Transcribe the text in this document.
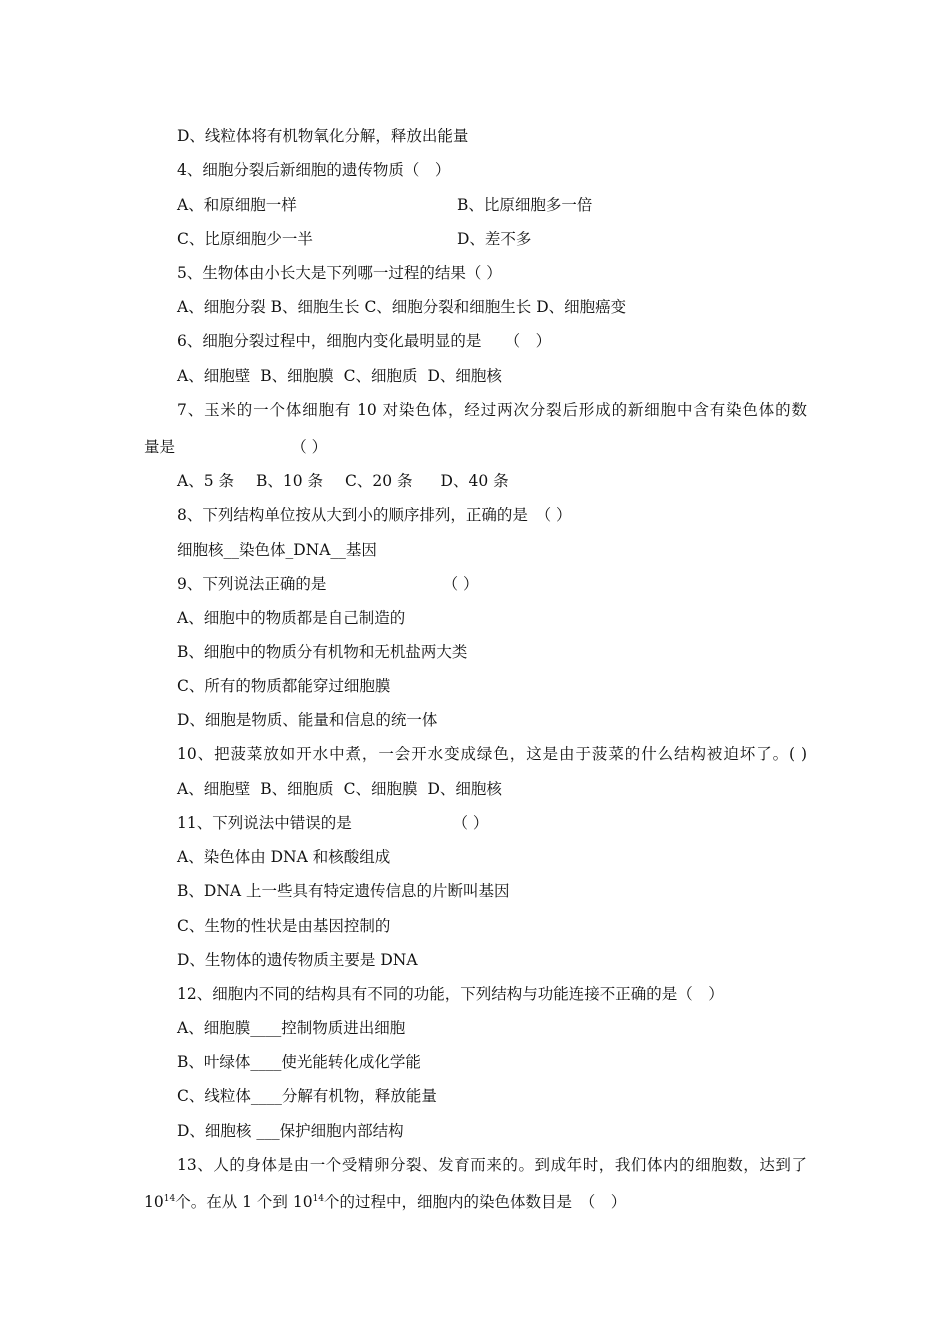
D、线粒体将有机物氧化分解，释放出能量
4、细胞分裂后新细胞的遗传物质（　）
A、和原细胞一样	B、比原细胞多一倍
C、比原细胞少一半	D、差不多
5、生物体由小长大是下列哪一过程的结果（ ）
A、细胞分裂 B、细胞生长 C、细胞分裂和细胞生长 D、细胞癌变
6、细胞分裂过程中，细胞内变化最明显的是　　（　）
A、细胞壁 B、细胞膜 C、细胞质 D、细胞核
7、玉米的一个体细胞有 10 对染色体，经过两次分裂后形成的新细胞中含有染色体的数
量是　　　　　　　　（ ）
A、5 条 B、10 条 C、20 条 D、40 条
8、下列结构单位按从大到小的顺序排列，正确的是　（ ）
细胞核__染色体_DNA__基因
9、下列说法正确的是　　　　　　　　（ ）
A、细胞中的物质都是自己制造的
B、细胞中的物质分有机物和无机盐两大类
C、所有的物质都能穿过细胞膜
D、细胞是物质、能量和信息的统一体
10、把菠菜放如开水中煮，一会开水变成绿色，这是由于菠菜的什么结构被迫坏了。( )
A、细胞壁 B、细胞质 C、细胞膜 D、细胞核
11、下列说法中错误的是　　　　　　　（ ）
A、染色体由 DNA 和核酸组成
B、DNA 上一些具有特定遗传信息的片断叫基因
C、生物的性状是由基因控制的
D、生物体的遗传物质主要是 DNA
12、细胞内不同的结构具有不同的功能，下列结构与功能连接不正确的是（　）
A、细胞膜____控制物质进出细胞
B、叶绿体____使光能转化成化学能
C、线粒体____分解有机物，释放能量
D、细胞核 ___保护细胞内部结构
13、人的身体是由一个受精卵分裂、发育而来的。到成年时，我们体内的细胞数，达到了
$10^{14}$个。在从 1 个到 $10^{14}$个的过程中，细胞内的染色体数目是　（　）
